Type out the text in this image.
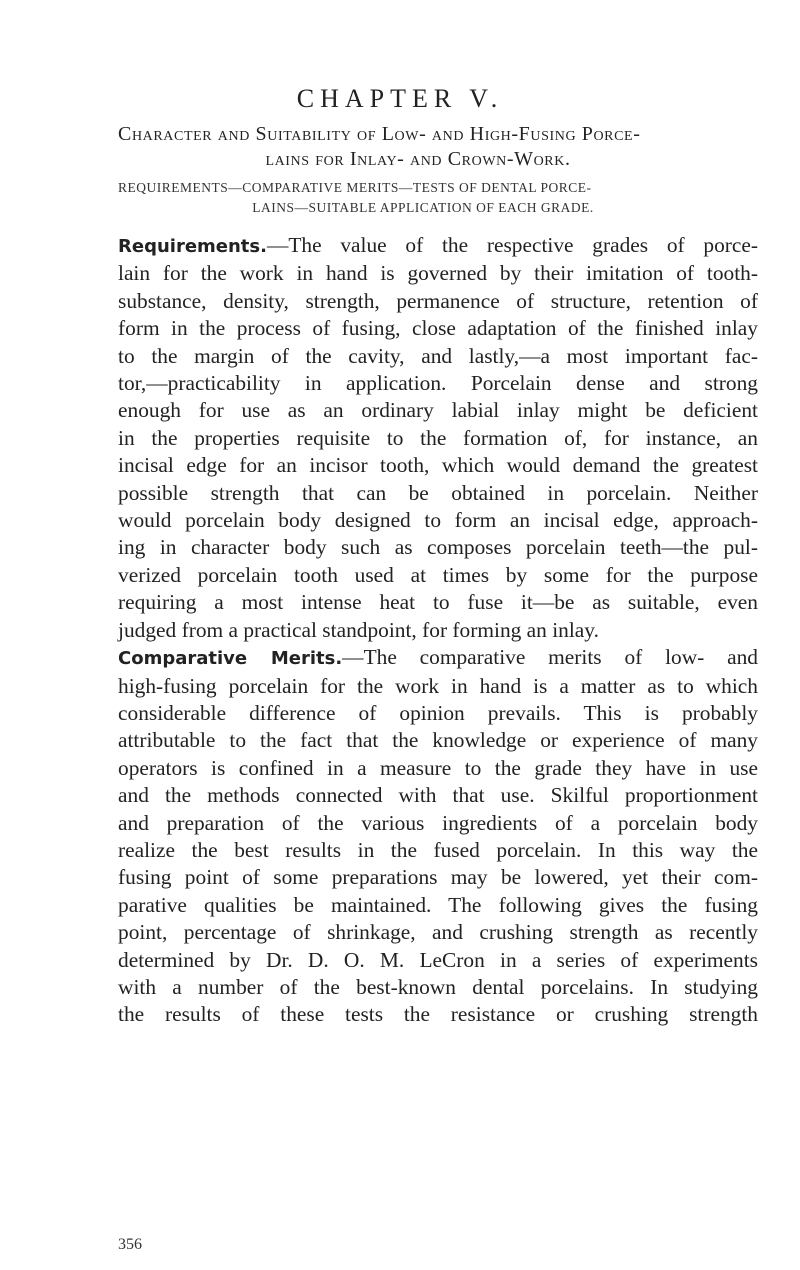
CHAPTER V.
Character and Suitability of Low- and High-Fusing Porce-
lains for Inlay- and Crown-Work.
REQUIREMENTS—COMPARATIVE MERITS—TESTS OF DENTAL PORCE-
LAINS—SUITABLE APPLICATION OF EACH GRADE.
Requirements.—The value of the respective grades of porce-
lain for the work in hand is governed by their imitation of tooth-
substance, density, strength, permanence of structure, retention of
form in the process of fusing, close adaptation of the finished inlay
to the margin of the cavity, and lastly,—a most important fac-
tor,—practicability in application. Porcelain dense and strong
enough for use as an ordinary labial inlay might be deficient
in the properties requisite to the formation of, for instance, an
incisal edge for an incisor tooth, which would demand the greatest
possible strength that can be obtained in porcelain. Neither
would porcelain body designed to form an incisal edge, approach-
ing in character body such as composes porcelain teeth—the pul-
verized porcelain tooth used at times by some for the purpose
requiring a most intense heat to fuse it—be as suitable, even
judged from a practical standpoint, for forming an inlay.
Comparative Merits.—The comparative merits of low- and
high-fusing porcelain for the work in hand is a matter as to which
considerable difference of opinion prevails. This is probably
attributable to the fact that the knowledge or experience of many
operators is confined in a measure to the grade they have in use
and the methods connected with that use. Skilful proportionment
and preparation of the various ingredients of a porcelain body
realize the best results in the fused porcelain. In this way the
fusing point of some preparations may be lowered, yet their com-
parative qualities be maintained. The following gives the fusing
point, percentage of shrinkage, and crushing strength as recently
determined by Dr. D. O. M. LeCron in a series of experiments
with a number of the best-known dental porcelains. In studying
the results of these tests the resistance or crushing strength
356
